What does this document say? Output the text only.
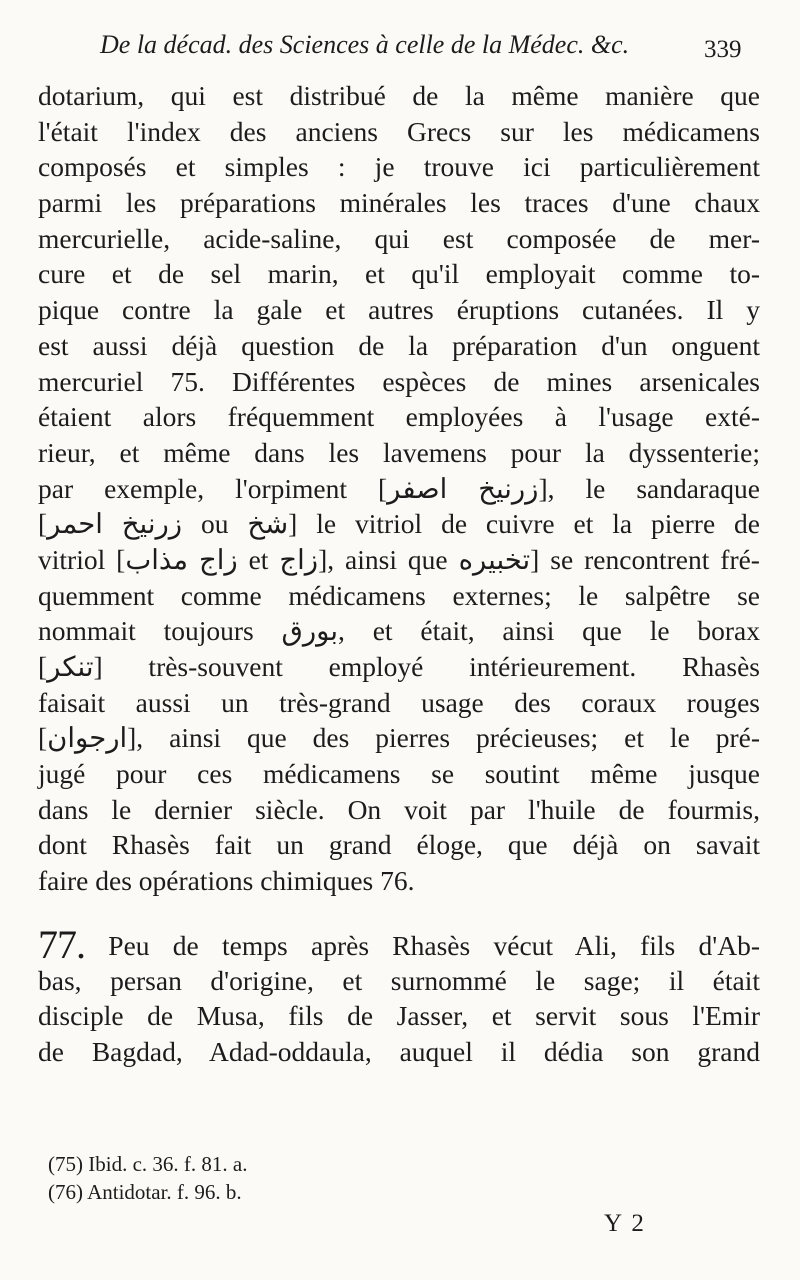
De la décad. des Sciences à celle de la Médec. &c.	339
dotarium, qui est distribué de la même manière que
l'était l'index des anciens Grecs sur les médicamens
composés et simples : je trouve ici particulièrement
parmi les préparations minérales les traces d'une chaux
mercurielle, acide-saline, qui est composée de mer-
cure et de sel marin, et qu'il employait comme to-
pique contre la gale et autres éruptions cutanées. Il y
est aussi déjà question de la préparation d'un onguent
mercuriel 75. Différentes espèces de mines arsenicales
étaient alors fréquemment employées à l'usage exté-
rieur, et même dans les lavemens pour la dyssenterie;
par exemple, l'orpiment [زرنيخ اصفر], le sandaraque
[زرنيخ احمر ou شخ] le vitriol de cuivre et la pierre de
vitriol [زاج مذاب et زاج], ainsi que تخبيره] se rencontrent fré-
quemment comme médicamens externes; le salpêtre se
nommait toujours بورق, et était, ainsi que le borax
[تنكر] très-souvent employé intérieurement. Rhasès
faisait aussi un très-grand usage des coraux rouges
[ارجوان], ainsi que des pierres précieuses; et le pré-
jugé pour ces médicamens se soutint même jusque
dans le dernier siècle. On voit par l'huile de fourmis,
dont Rhasès fait un grand éloge, que déjà on savait
faire des opérations chimiques 76.
77. Peu de temps après Rhasès vécut Ali, fils d'Ab-
bas, persan d'origine, et surnommé le sage; il était
disciple de Musa, fils de Jasser, et servit sous l'Emir
de Bagdad, Adad-oddaula, auquel il dédia son grand
(75) Ibid. c. 36. f. 81. a.
(76) Antidotar. f. 96. b.
Y 2
